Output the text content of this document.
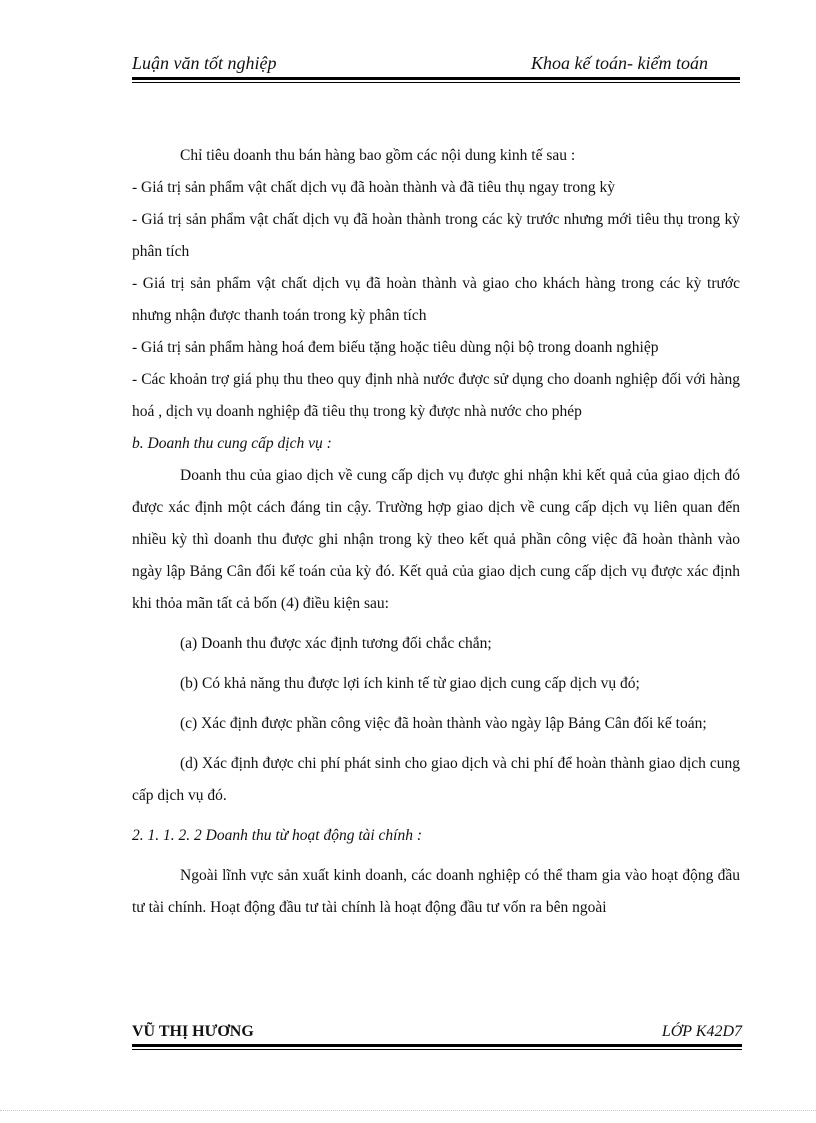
Luận văn tốt nghiệp	Khoa kế toán- kiểm toán

Chỉ tiêu doanh thu bán hàng bao gồm các nội dung kinh tế sau :

- Giá trị sản phẩm vật chất dịch vụ đã hoàn thành và đã tiêu thụ ngay trong kỳ

- Giá trị sản phẩm vật chất dịch vụ đã hoàn thành trong các kỳ trước nhưng mới tiêu thụ trong kỳ phân tích

- Giá trị sản phẩm vật chất dịch vụ đã hoàn thành và giao cho khách hàng trong các kỳ trước nhưng nhận được thanh toán trong kỳ phân tích

- Giá trị sản phẩm hàng hoá đem biếu tặng hoặc tiêu dùng nội bộ trong doanh nghiệp

- Các khoản trợ giá phụ thu theo quy định nhà nước được sử dụng cho doanh nghiệp đối với hàng hoá , dịch vụ doanh nghiệp đã tiêu thụ trong kỳ được nhà nước cho phép

b. Doanh thu cung cấp dịch vụ :

Doanh thu của giao dịch về cung cấp dịch vụ được ghi nhận khi kết quả của giao dịch đó được xác định một cách đáng tin cậy. Trường hợp giao dịch về cung cấp dịch vụ liên quan đến nhiều kỳ thì doanh thu được ghi nhận trong kỳ theo kết quả phần công việc đã hoàn thành vào ngày lập Bảng Cân đối kế toán của kỳ đó. Kết quả của giao dịch cung cấp dịch vụ được xác định khi thỏa mãn tất cả bốn (4) điều kiện sau:

(a) Doanh thu được xác định tương đối chắc chắn;

(b) Có khả năng thu được lợi ích kinh tế từ giao dịch cung cấp dịch vụ đó;

(c) Xác định được phần công việc đã hoàn thành vào ngày lập Bảng Cân đối kế toán;

(d) Xác định được chi phí phát sinh cho giao dịch và chi phí để hoàn thành giao dịch cung cấp dịch vụ đó.

2. 1. 1. 2. 2 Doanh thu từ hoạt động tài chính :

Ngoài lĩnh vực sản xuất kinh doanh, các doanh nghiệp có thể tham gia vào hoạt động đầu tư tài chính. Hoạt động đầu tư tài chính là hoạt động đầu tư vốn ra bên ngoài

VŨ THỊ HƯƠNG	LỚP K42D7
